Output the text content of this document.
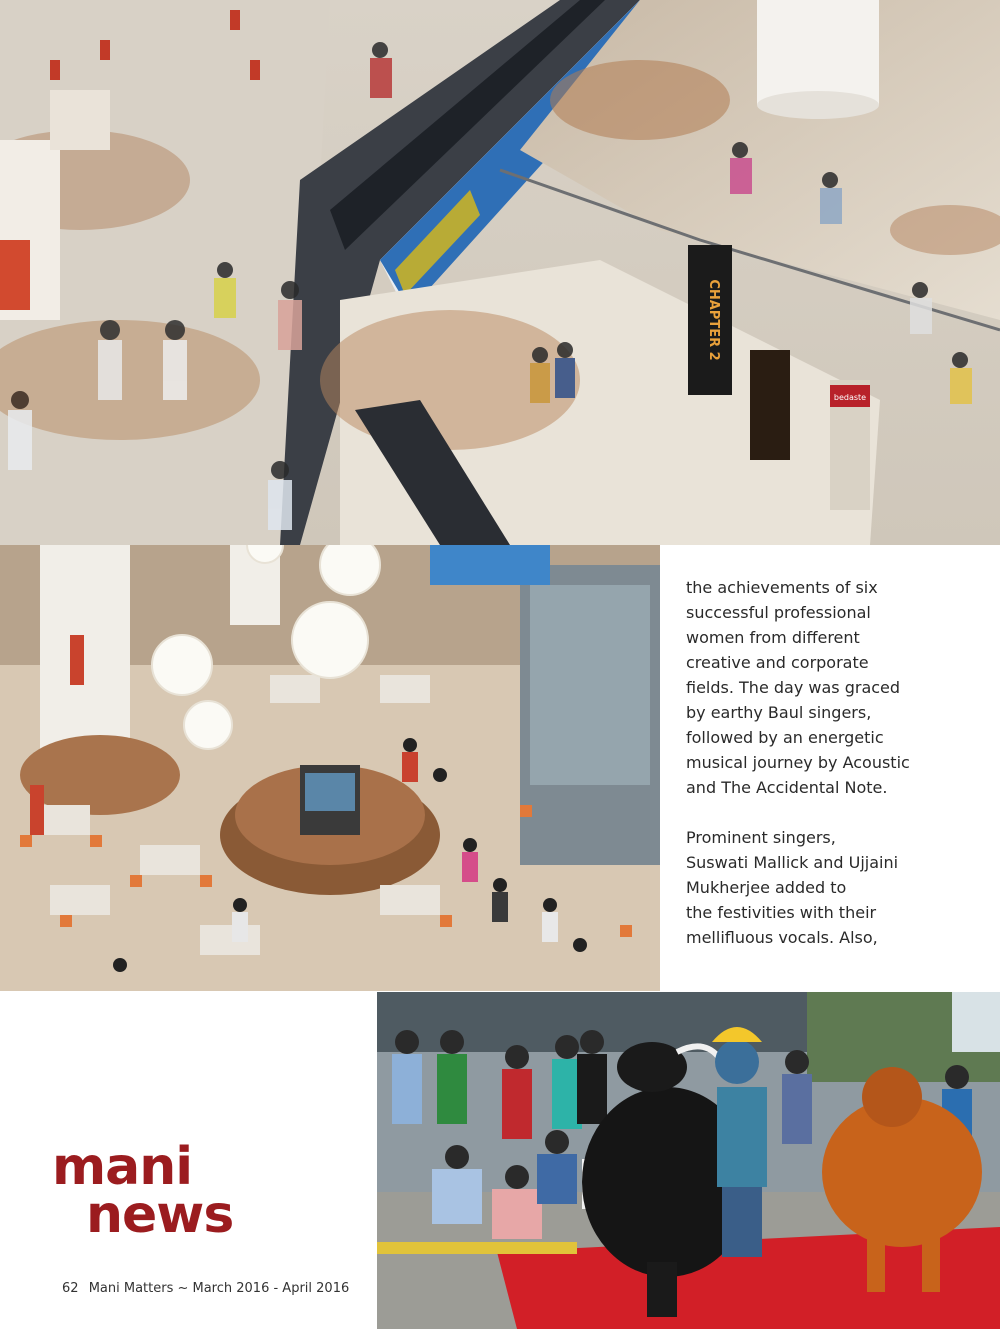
CHAPTER 2
bedaste

the achievements of six
successful professional
women from different
creative and corporate
fields. The day was graced
by earthy Baul singers,
followed by an energetic
musical journey by Acoustic
and The Accidental Note.

Prominent singers,
Suswati Mallick and Ujjaini
Mukherjee added to
the festivities with their
mellifluous vocals. Also,

mani
news
62 Mani Matters ~ March 2016 - April 2016
